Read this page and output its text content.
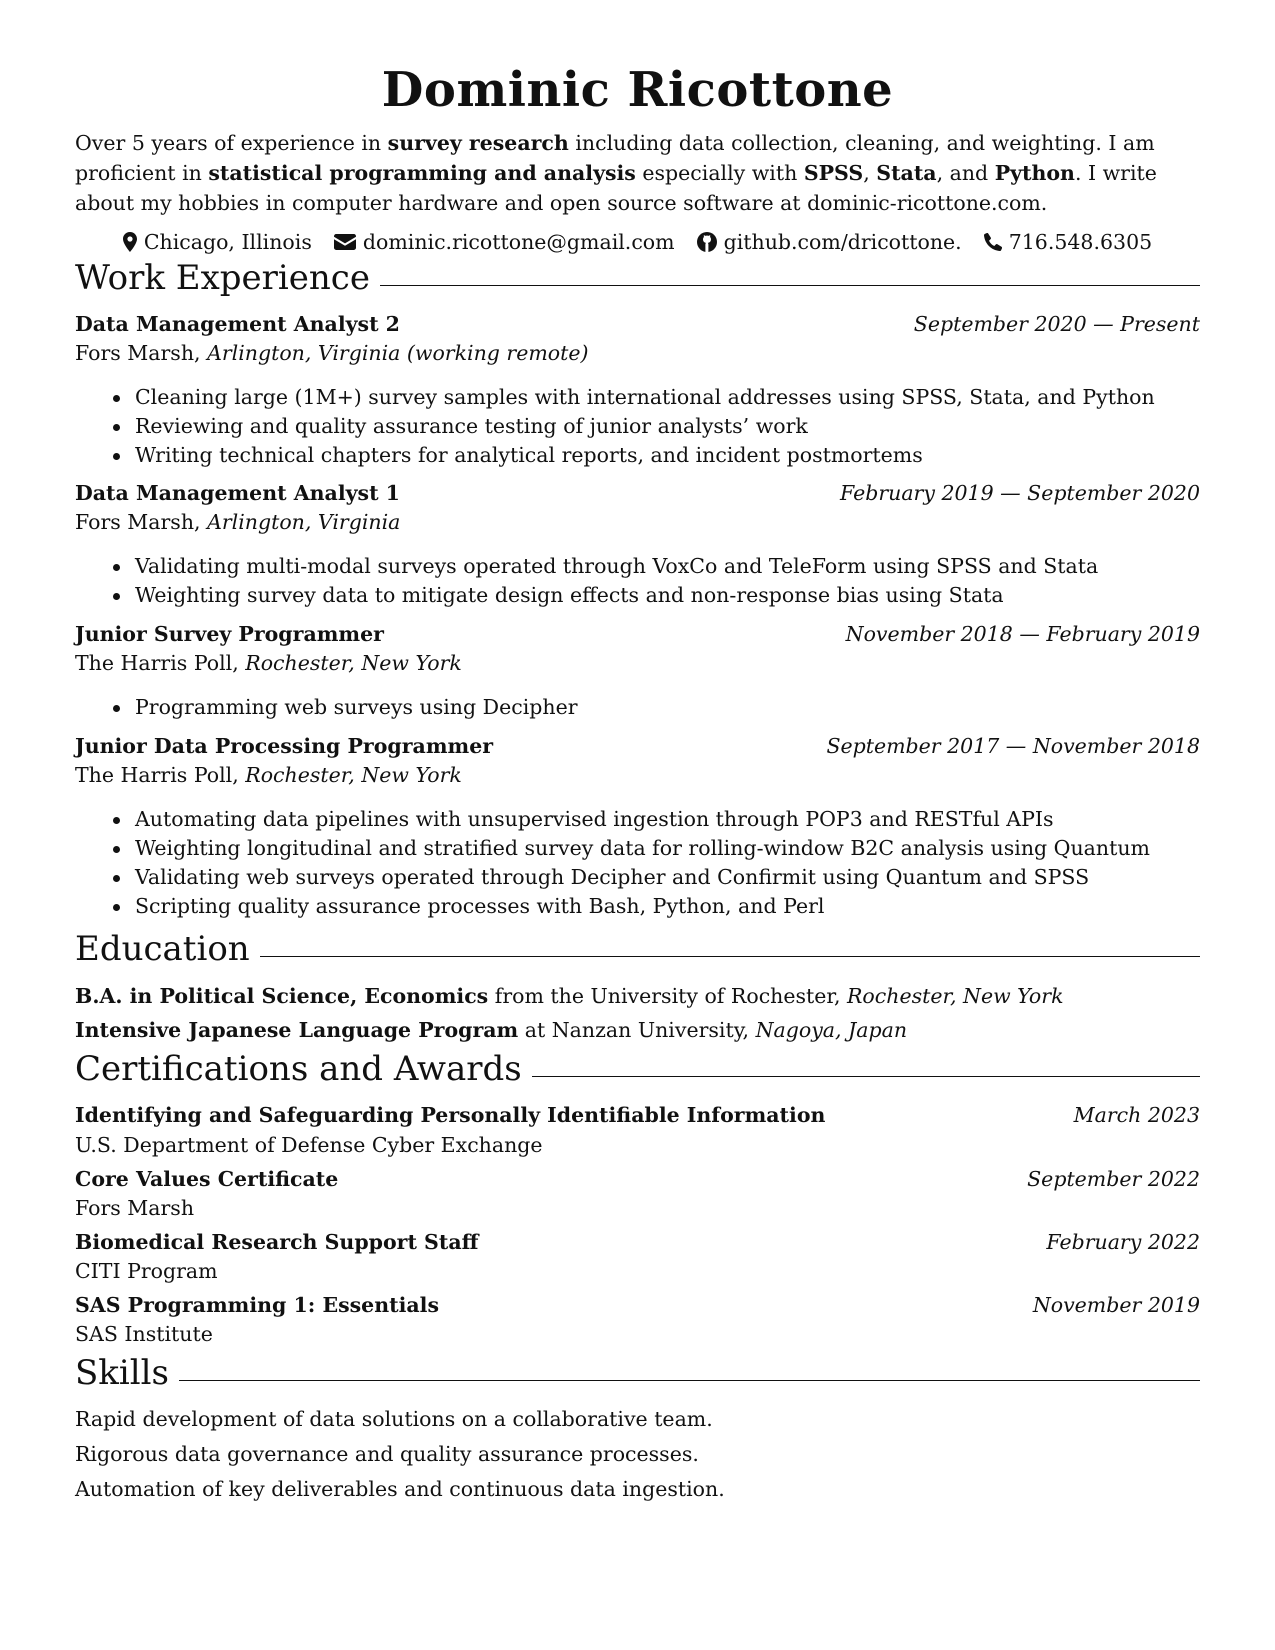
Dominic Ricottone
Over 5 years of experience in survey research including data collection, cleaning, and weighting. I am proficient in statistical programming and analysis especially with SPSS, Stata, and Python. I write about my hobbies in computer hardware and open source software at dominic-ricottone.com.
Chicago, Illinois dominic.ricottone@gmail.com github.com/dricottone. 716.548.6305
Work Experience
Data Management Analyst 2	September 2020 — Present
Fors Marsh, Arlington, Virginia (working remote)
Cleaning large (1M+) survey samples with international addresses using SPSS, Stata, and Python
Reviewing and quality assurance testing of junior analysts’ work
Writing technical chapters for analytical reports, and incident postmortems
Data Management Analyst 1	February 2019 — September 2020
Fors Marsh, Arlington, Virginia
Validating multi-modal surveys operated through VoxCo and TeleForm using SPSS and Stata
Weighting survey data to mitigate design effects and non-response bias using Stata
Junior Survey Programmer	November 2018 — February 2019
The Harris Poll, Rochester, New York
Programming web surveys using Decipher
Junior Data Processing Programmer	September 2017 — November 2018
The Harris Poll, Rochester, New York
Automating data pipelines with unsupervised ingestion through POP3 and RESTful APIs
Weighting longitudinal and stratified survey data for rolling-window B2C analysis using Quantum
Validating web surveys operated through Decipher and Confirmit using Quantum and SPSS
Scripting quality assurance processes with Bash, Python, and Perl
Education
B.A. in Political Science, Economics from the University of Rochester, Rochester, New York
Intensive Japanese Language Program at Nanzan University, Nagoya, Japan
Certifications and Awards
Identifying and Safeguarding Personally Identifiable Information	March 2023
U.S. Department of Defense Cyber Exchange
Core Values Certificate	September 2022
Fors Marsh
Biomedical Research Support Staff	February 2022
CITI Program
SAS Programming 1: Essentials	November 2019
SAS Institute
Skills
Rapid development of data solutions on a collaborative team.
Rigorous data governance and quality assurance processes.
Automation of key deliverables and continuous data ingestion.
